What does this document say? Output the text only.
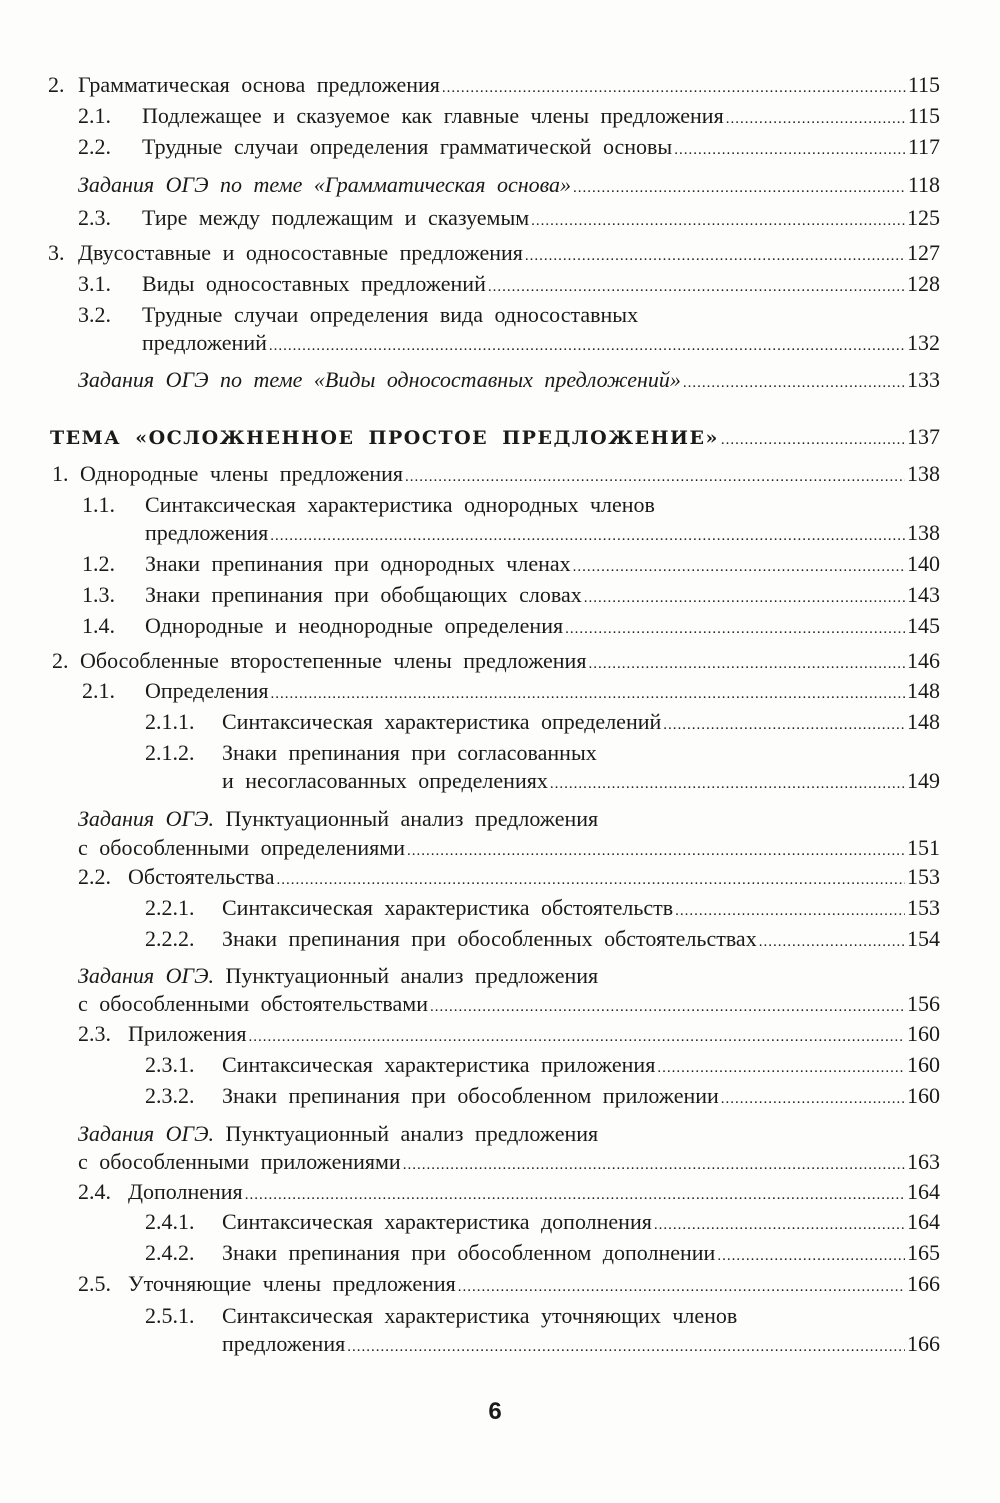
6
2. Грамматическая основа предложения .....	115
2.1. Подлежащее и сказуемое как главные члены предложения .....	115
2.2. Трудные случаи определения грамматической основы .....	117
Задания ОГЭ по теме «Грамматическая основа» .....	118
2.3. Тире между подлежащим и сказуемым .....	125
3. Двусоставные и односоставные предложения .....	127
3.1. Виды односоставных предложений .....	128
3.2. Трудные случаи определения вида односоставных
предложений .....	132
Задания ОГЭ по теме «Виды односоставных предложений» .....	133
ТЕМА «ОСЛОЖНЕННОЕ ПРОСТОЕ ПРЕДЛОЖЕНИЕ» .....	137
1. Однородные члены предложения .....	138
1.1. Синтаксическая характеристика однородных членов
предложения .....	138
1.2. Знаки препинания при однородных членах .....	140
1.3. Знаки препинания при обобщающих словах .....	143
1.4. Однородные и неоднородные определения .....	145
2. Обособленные второстепенные члены предложения .....	146
2.1. Определения .....	148
2.1.1. Синтаксическая характеристика определений .....	148
2.1.2. Знаки препинания при согласованных
и несогласованных определениях .....	149
Задания ОГЭ. Пунктуационный анализ предложения
с обособленными определениями .....	151
2.2. Обстоятельства .....	153
2.2.1. Синтаксическая характеристика обстоятельств .....	153
2.2.2. Знаки препинания при обособленных обстоятельствах .....	154
Задания ОГЭ. Пунктуационный анализ предложения
с обособленными обстоятельствами .....	156
2.3. Приложения .....	160
2.3.1. Синтаксическая характеристика приложения .....	160
2.3.2. Знаки препинания при обособленном приложении .....	160
Задания ОГЭ. Пунктуационный анализ предложения
с обособленными приложениями .....	163
2.4. Дополнения .....	164
2.4.1. Синтаксическая характеристика дополнения .....	164
2.4.2. Знаки препинания при обособленном дополнении .....	165
2.5. Уточняющие члены предложения .....	166
2.5.1. Синтаксическая характеристика уточняющих членов
предложения .....	166
